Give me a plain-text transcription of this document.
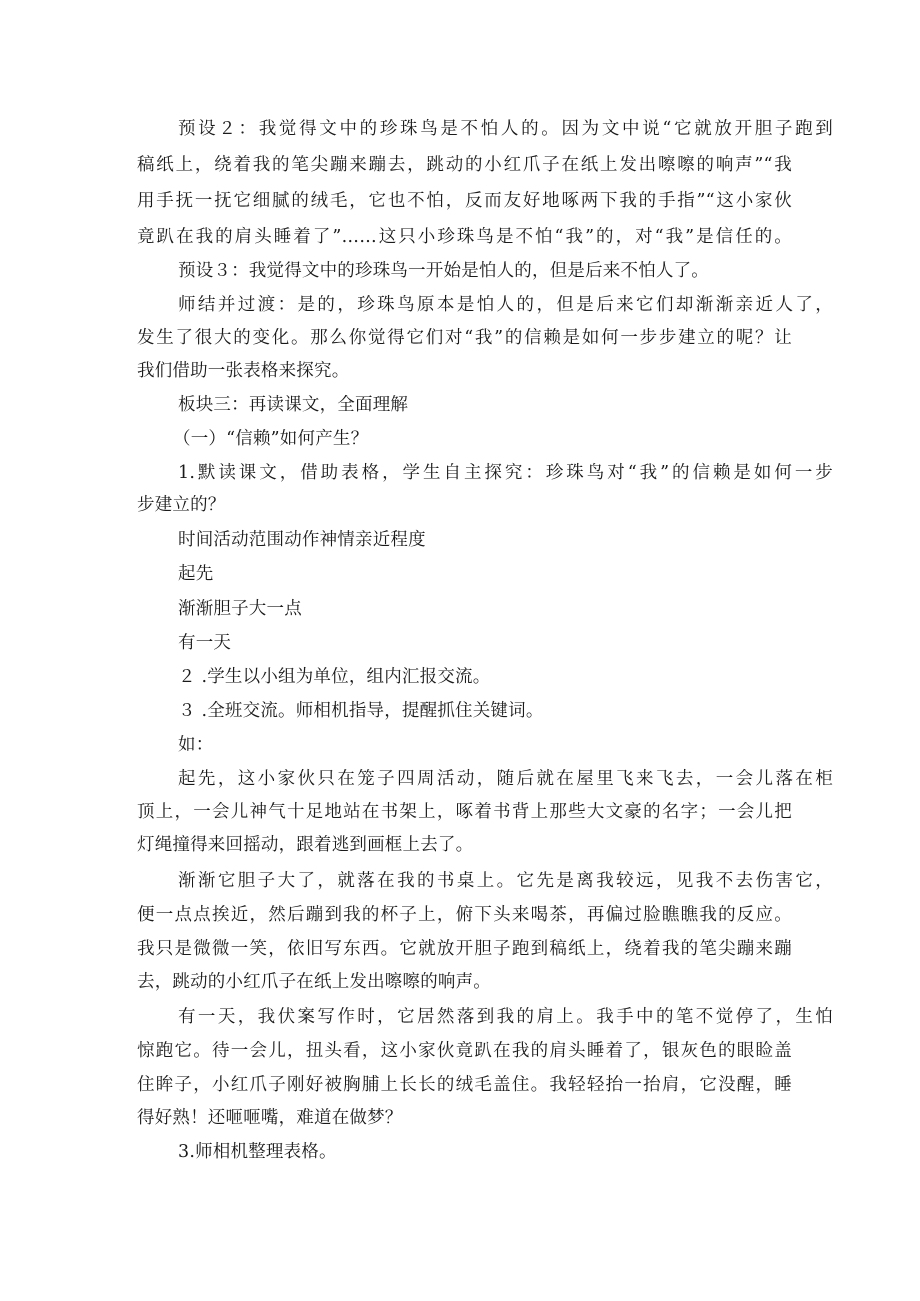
预设２：我觉得文中的珍珠鸟是不怕人的。因为文中说“它就放开胆子跑到
稿纸上，绕着我的笔尖蹦来蹦去，跳动的小红爪子在纸上发出嚓嚓的响声”“我
用手抚一抚它细腻的绒毛，它也不怕，反而友好地啄两下我的手指”“这小家伙
竟趴在我的肩头睡着了”……这只小珍珠鸟是不怕“我”的，对“我”是信任的。
预设３：我觉得文中的珍珠鸟一开始是怕人的，但是后来不怕人了。
师结并过渡：是的，珍珠鸟原本是怕人的，但是后来它们却渐渐亲近人了，
发生了很大的变化。那么你觉得它们对“我”的信赖是如何一步步建立的呢？让
我们借助一张表格来探究。
板块三：再读课文，全面理解
（一）“信赖”如何产生？
1.默读课文，借助表格，学生自主探究：珍珠鸟对“我”的信赖是如何一步
步建立的？
时间活动范围动作神情亲近程度
起先
渐渐胆子大一点
有一天
２ .学生以小组为单位，组内汇报交流。
３ .全班交流。师相机指导，提醒抓住关键词。
如：
起先，这小家伙只在笼子四周活动，随后就在屋里飞来飞去，一会儿落在柜
顶上，一会儿神气十足地站在书架上，啄着书背上那些大文豪的名字；一会儿把
灯绳撞得来回摇动，跟着逃到画框上去了。
渐渐它胆子大了，就落在我的书桌上。它先是离我较远，见我不去伤害它，
便一点点挨近，然后蹦到我的杯子上，俯下头来喝茶，再偏过脸瞧瞧我的反应。
我只是微微一笑，依旧写东西。它就放开胆子跑到稿纸上，绕着我的笔尖蹦来蹦
去，跳动的小红爪子在纸上发出嚓嚓的响声。
有一天，我伏案写作时，它居然落到我的肩上。我手中的笔不觉停了，生怕
惊跑它。待一会儿，扭头看，这小家伙竟趴在我的肩头睡着了，银灰色的眼睑盖
住眸子，小红爪子刚好被胸脯上长长的绒毛盖住。我轻轻抬一抬肩，它没醒，睡
得好熟！还咂咂嘴，难道在做梦？
3.师相机整理表格。
